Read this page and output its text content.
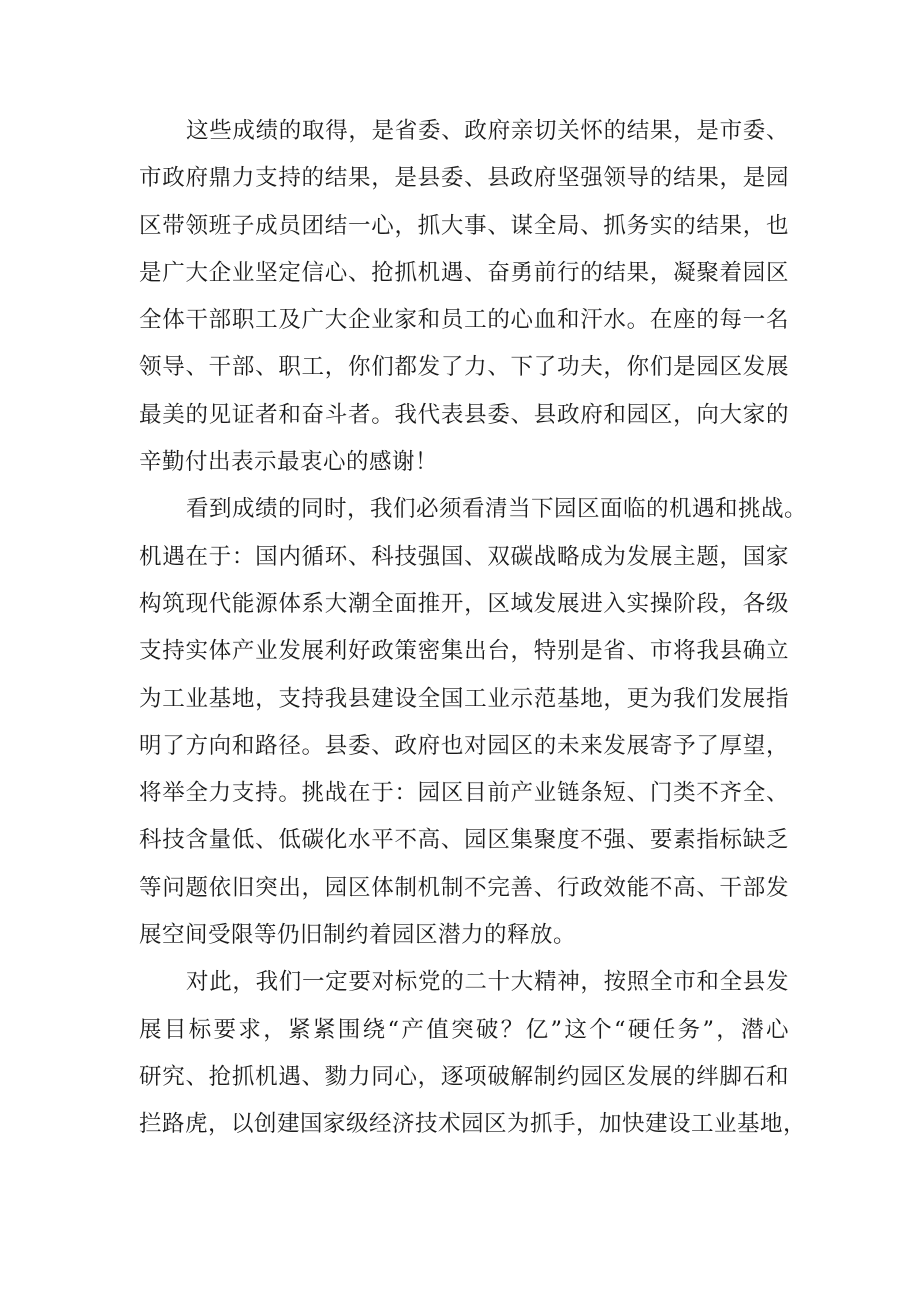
这些成绩的取得，是省委、政府亲切关怀的结果，是市委、
市政府鼎力支持的结果，是县委、县政府坚强领导的结果，是园
区带领班子成员团结一心，抓大事、谋全局、抓务实的结果，也
是广大企业坚定信心、抢抓机遇、奋勇前行的结果，凝聚着园区
全体干部职工及广大企业家和员工的心血和汗水。在座的每一名
领导、干部、职工，你们都发了力、下了功夫，你们是园区发展
最美的见证者和奋斗者。我代表县委、县政府和园区，向大家的
辛勤付出表示最衷心的感谢！
看到成绩的同时，我们必须看清当下园区面临的机遇和挑战。
机遇在于：国内循环、科技强国、双碳战略成为发展主题，国家
构筑现代能源体系大潮全面推开，区域发展进入实操阶段，各级
支持实体产业发展利好政策密集出台，特别是省、市将我县确立
为工业基地，支持我县建设全国工业示范基地，更为我们发展指
明了方向和路径。县委、政府也对园区的未来发展寄予了厚望，
将举全力支持。挑战在于：园区目前产业链条短、门类不齐全、
科技含量低、低碳化水平不高、园区集聚度不强、要素指标缺乏
等问题依旧突出，园区体制机制不完善、行政效能不高、干部发
展空间受限等仍旧制约着园区潜力的释放。
对此，我们一定要对标党的二十大精神，按照全市和全县发
展目标要求，紧紧围绕“产值突破？亿”这个“硬任务”，潜心
研究、抢抓机遇、勠力同心，逐项破解制约园区发展的绊脚石和
拦路虎，以创建国家级经济技术园区为抓手，加快建设工业基地，
